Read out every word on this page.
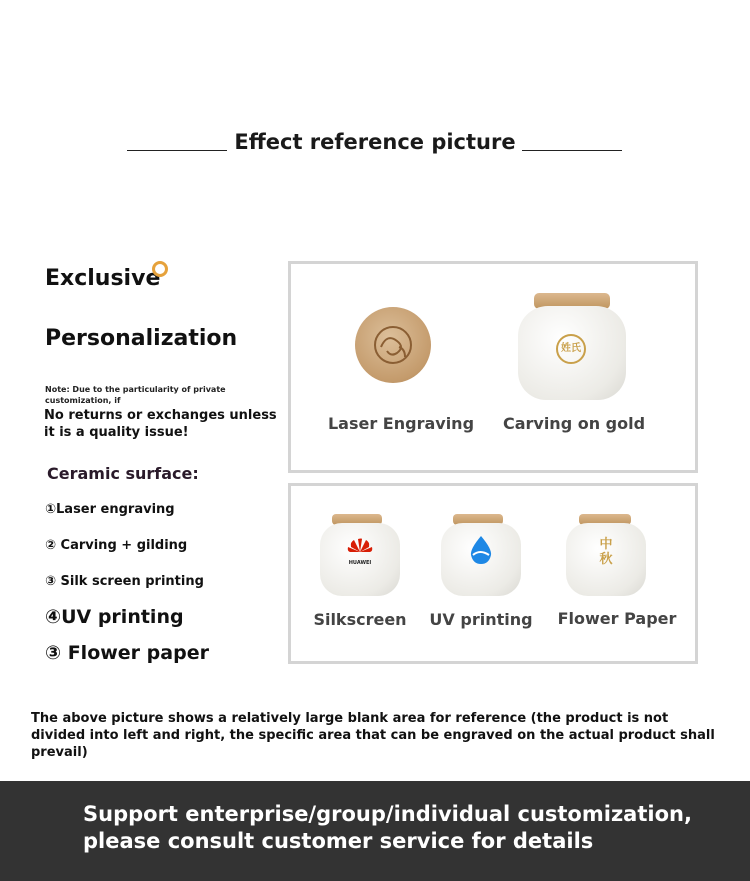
Effect reference picture
Exclusive
Personalization
Note: Due to the particularity of private customization, if
No returns or exchanges unless it is a quality issue!
Ceramic surface:
①Laser engraving
② Carving + gilding
③ Silk screen printing
④UV printing
③ Flower paper
Laser Engraving
姓氏
Carving on gold
HUAWEI
Silkscreen	UV printing
中秋
Flower Paper
The above picture shows a relatively large blank area for reference (the product is not divided into left and right, the specific area that can be engraved on the actual product shall prevail)
Support enterprise/group/individual customization,
please consult customer service for details
